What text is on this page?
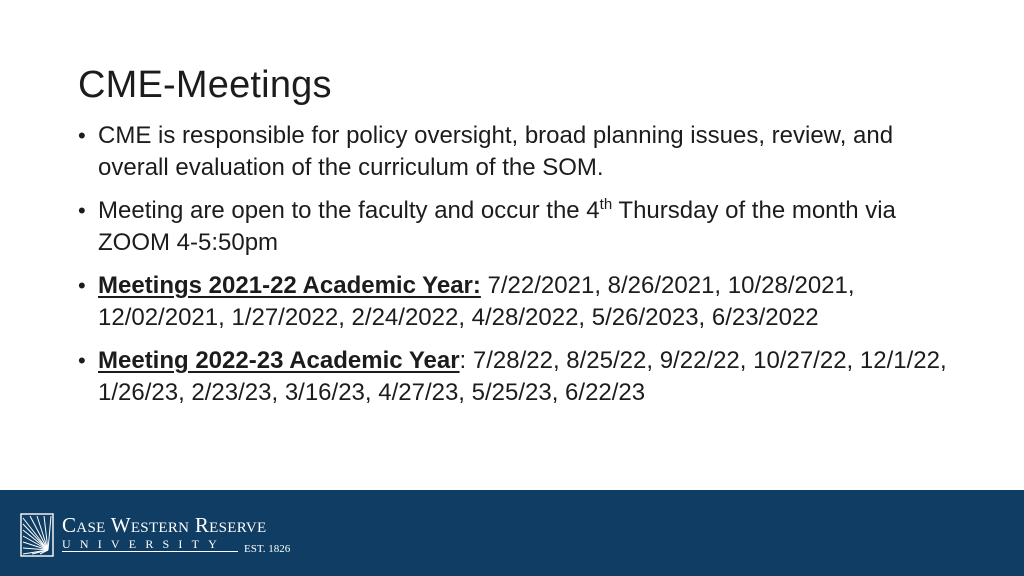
CME-Meetings
• CME is responsible for policy oversight, broad planning issues, review, and overall evaluation of the curriculum of the SOM.
• Meeting are open to the faculty and occur the 4th Thursday of the month via ZOOM 4-5:50pm
• Meetings 2021-22 Academic Year: 7/22/2021, 8/26/2021, 10/28/2021, 12/02/2021, 1/27/2022, 2/24/2022, 4/28/2022, 5/26/2023, 6/23/2022
• Meeting 2022-23 Academic Year: 7/28/22, 8/25/22, 9/22/22, 10/27/22, 12/1/22, 1/26/23, 2/23/23, 3/16/23, 4/27/23, 5/25/23, 6/22/23
Case Western Reserve
UNIVERSITY EST. 1826
